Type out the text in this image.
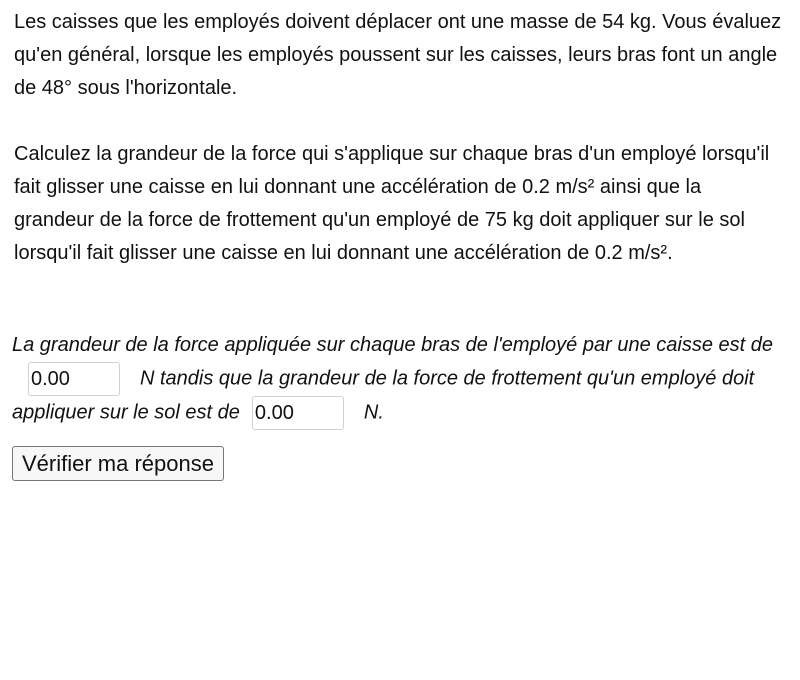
Les caisses que les employés doivent déplacer ont une masse de 54 kg. Vous évaluez qu'en général, lorsque les employés poussent sur les caisses, leurs bras font un angle de 48° sous l'horizontale.

Calculez la grandeur de la force qui s'applique sur chaque bras d'un employé lorsqu'il fait glisser une caisse en lui donnant une accélération de 0.2 m/s² ainsi que la grandeur de la force de frottement qu'un employé de 75 kg doit appliquer sur le sol lorsqu'il fait glisser une caisse en lui donnant une accélération de 0.2 m/s².

La grandeur de la force appliquée sur chaque bras de l'employé par une caisse est de0.00N tandis que la grandeur de la force de frottement qu'un employé doit appliquer sur le sol est de0.00	N.
Vérifier ma réponse
